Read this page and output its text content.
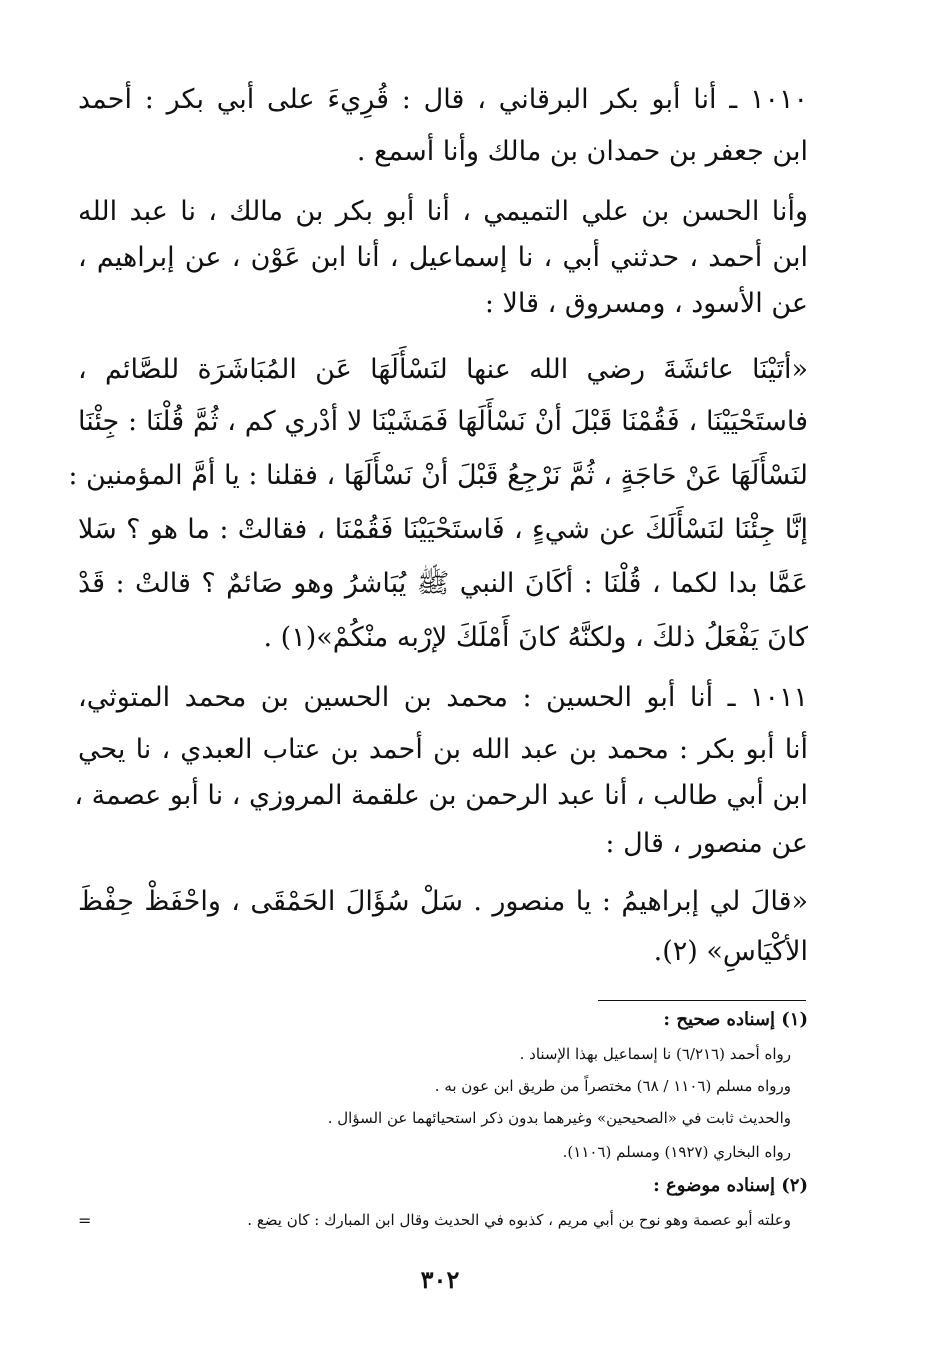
١٠١٠ ـ أنا أبو بكر البرقاني ، قال : قُرِيءَ على أبي بكر : أحمد
ابن جعفر بن حمدان بن مالك وأنا أسمع .
وأنا الحسن بن علي التميمي ، أنا أبو بكر بن مالك ، نا عبد الله
ابن أحمد ، حدثني أبي ، نا إسماعيل ، أنا ابن عَوْن ، عن إبراهيم ،
عن الأسود ، ومسروق ، قالا :
«أتَيْنَا عائشَةَ رضي الله عنها لنَسْأَلَهَا عَن المُبَاشَرَة للصَّائم ،
فاستَحْيَيْنَا ، فَقُمْنَا قَبْلَ أنْ نَسْأَلَهَا فَمَشَيْنَا لا أدْري كم ، ثُمَّ قُلْنَا : جِئْنَا
لنَسْأَلَهَا عَنْ حَاجَةٍ ، ثُمَّ نَرْجِعُ قَبْلَ أنْ نَسْأَلَهَا ، فقلنا : يا أمَّ المؤمنين :
إنَّا جِئْنَا لنَسْأَلَكَ عن شيءٍ ، فَاستَحْيَيْنَا فَقُمْنَا ، فقالتْ : ما هو ؟ سَلا
عَمَّا بدا لكما ، قُلْنَا : أكَانَ النبي ﷺ يُبَاشرُ وهو صَائمٌ ؟ قالتْ : قَدْ
كانَ يَفْعَلُ ذلكَ ، ولكنَّهُ كانَ أَمْلَكَ لإرْبه منْكُمْ»(١) .
١٠١١ ـ أنا أبو الحسين : محمد بن الحسين بن محمد المتوثي،
أنا أبو بكر : محمد بن عبد الله بن أحمد بن عتاب العبدي ، نا يحي
ابن أبي طالب ، أنا عبد الرحمن بن علقمة المروزي ، نا أبو عصمة ،
عن منصور ، قال :
«قالَ لي إبراهيمُ : يا منصور . سَلْ سُؤَالَ الحَمْقَى ، واحْفَظْ حِفْظَ
الأكْيَاسِ» (٢).
(١) إسناده صحيح :
رواه أحمد (٦/٢١٦) نا إسماعيل بهذا الإسناد .
ورواه مسلم (١١٠٦ / ٦٨) مختصراً من طريق ابن عون به .
والحديث ثابت في «الصحيحين» وغيرهما بدون ذكر استحيائهما عن السؤال .
رواه البخاري (١٩٢٧) ومسلم (١١٠٦).
(٢) إسناده موضوع :
وعلته أبو عصمة وهو نوح بن أبي مريم ، كذبوه في الحديث وقال ابن المبارك : كان يضع .
=
٣٠٢
